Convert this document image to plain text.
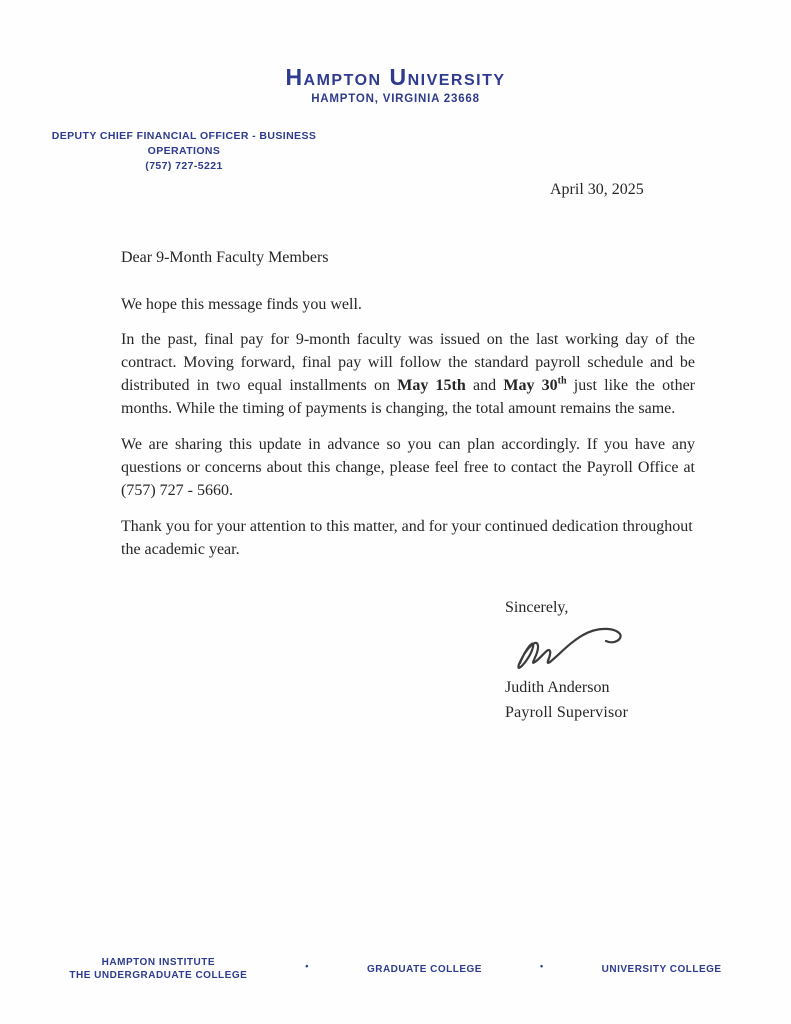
Hampton University
HAMPTON, VIRGINIA 23668
DEPUTY CHIEF FINANCIAL OFFICER - BUSINESS OPERATIONS
(757) 727-5221
April 30, 2025

Dear 9-Month Faculty Members

We hope this message finds you well.

In the past, final pay for 9-month faculty was issued on the last working day of the contract. Moving forward, final pay will follow the standard payroll schedule and be distributed in two equal installments on May 15th and May 30th just like the other months. While the timing of payments is changing, the total amount remains the same.

We are sharing this update in advance so you can plan accordingly. If you have any questions or concerns about this change, please feel free to contact the Payroll Office at (757) 727 - 5660.

Thank you for your attention to this matter, and for your continued dedication throughout the academic year.

Sincerely,
Judith Anderson
Payroll Supervisor
HAMPTON INSTITUTE
THE UNDERGRADUATE COLLEGE
•	GRADUATE COLLEGE	•	UNIVERSITY COLLEGE
